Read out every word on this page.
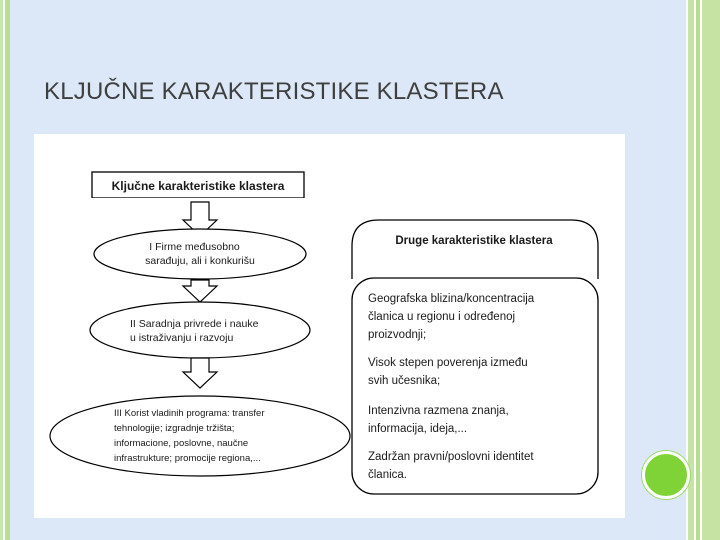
KLJUČNE KARAKTERISTIKE KLASTERA
Ključne karakteristike klastera
I Firme međusobno sarađuju, ali i konkurišu
II Saradnja privrede i nauke u istraživanju i razvoju
III Korist vladinih programa: transfer tehnologije; izgradnje tržišta; informacione, poslovne, naučne infrastrukture; promocije regiona,...
Druge karakteristike klastera
Geografska blizina/koncentracija članica u regionu i određenoj proizvodnji;
Visok stepen poverenja između svih učesnika;
Intenzivna razmena znanja, informacija, ideja,...
Zadržan pravni/poslovni identitet članica.
